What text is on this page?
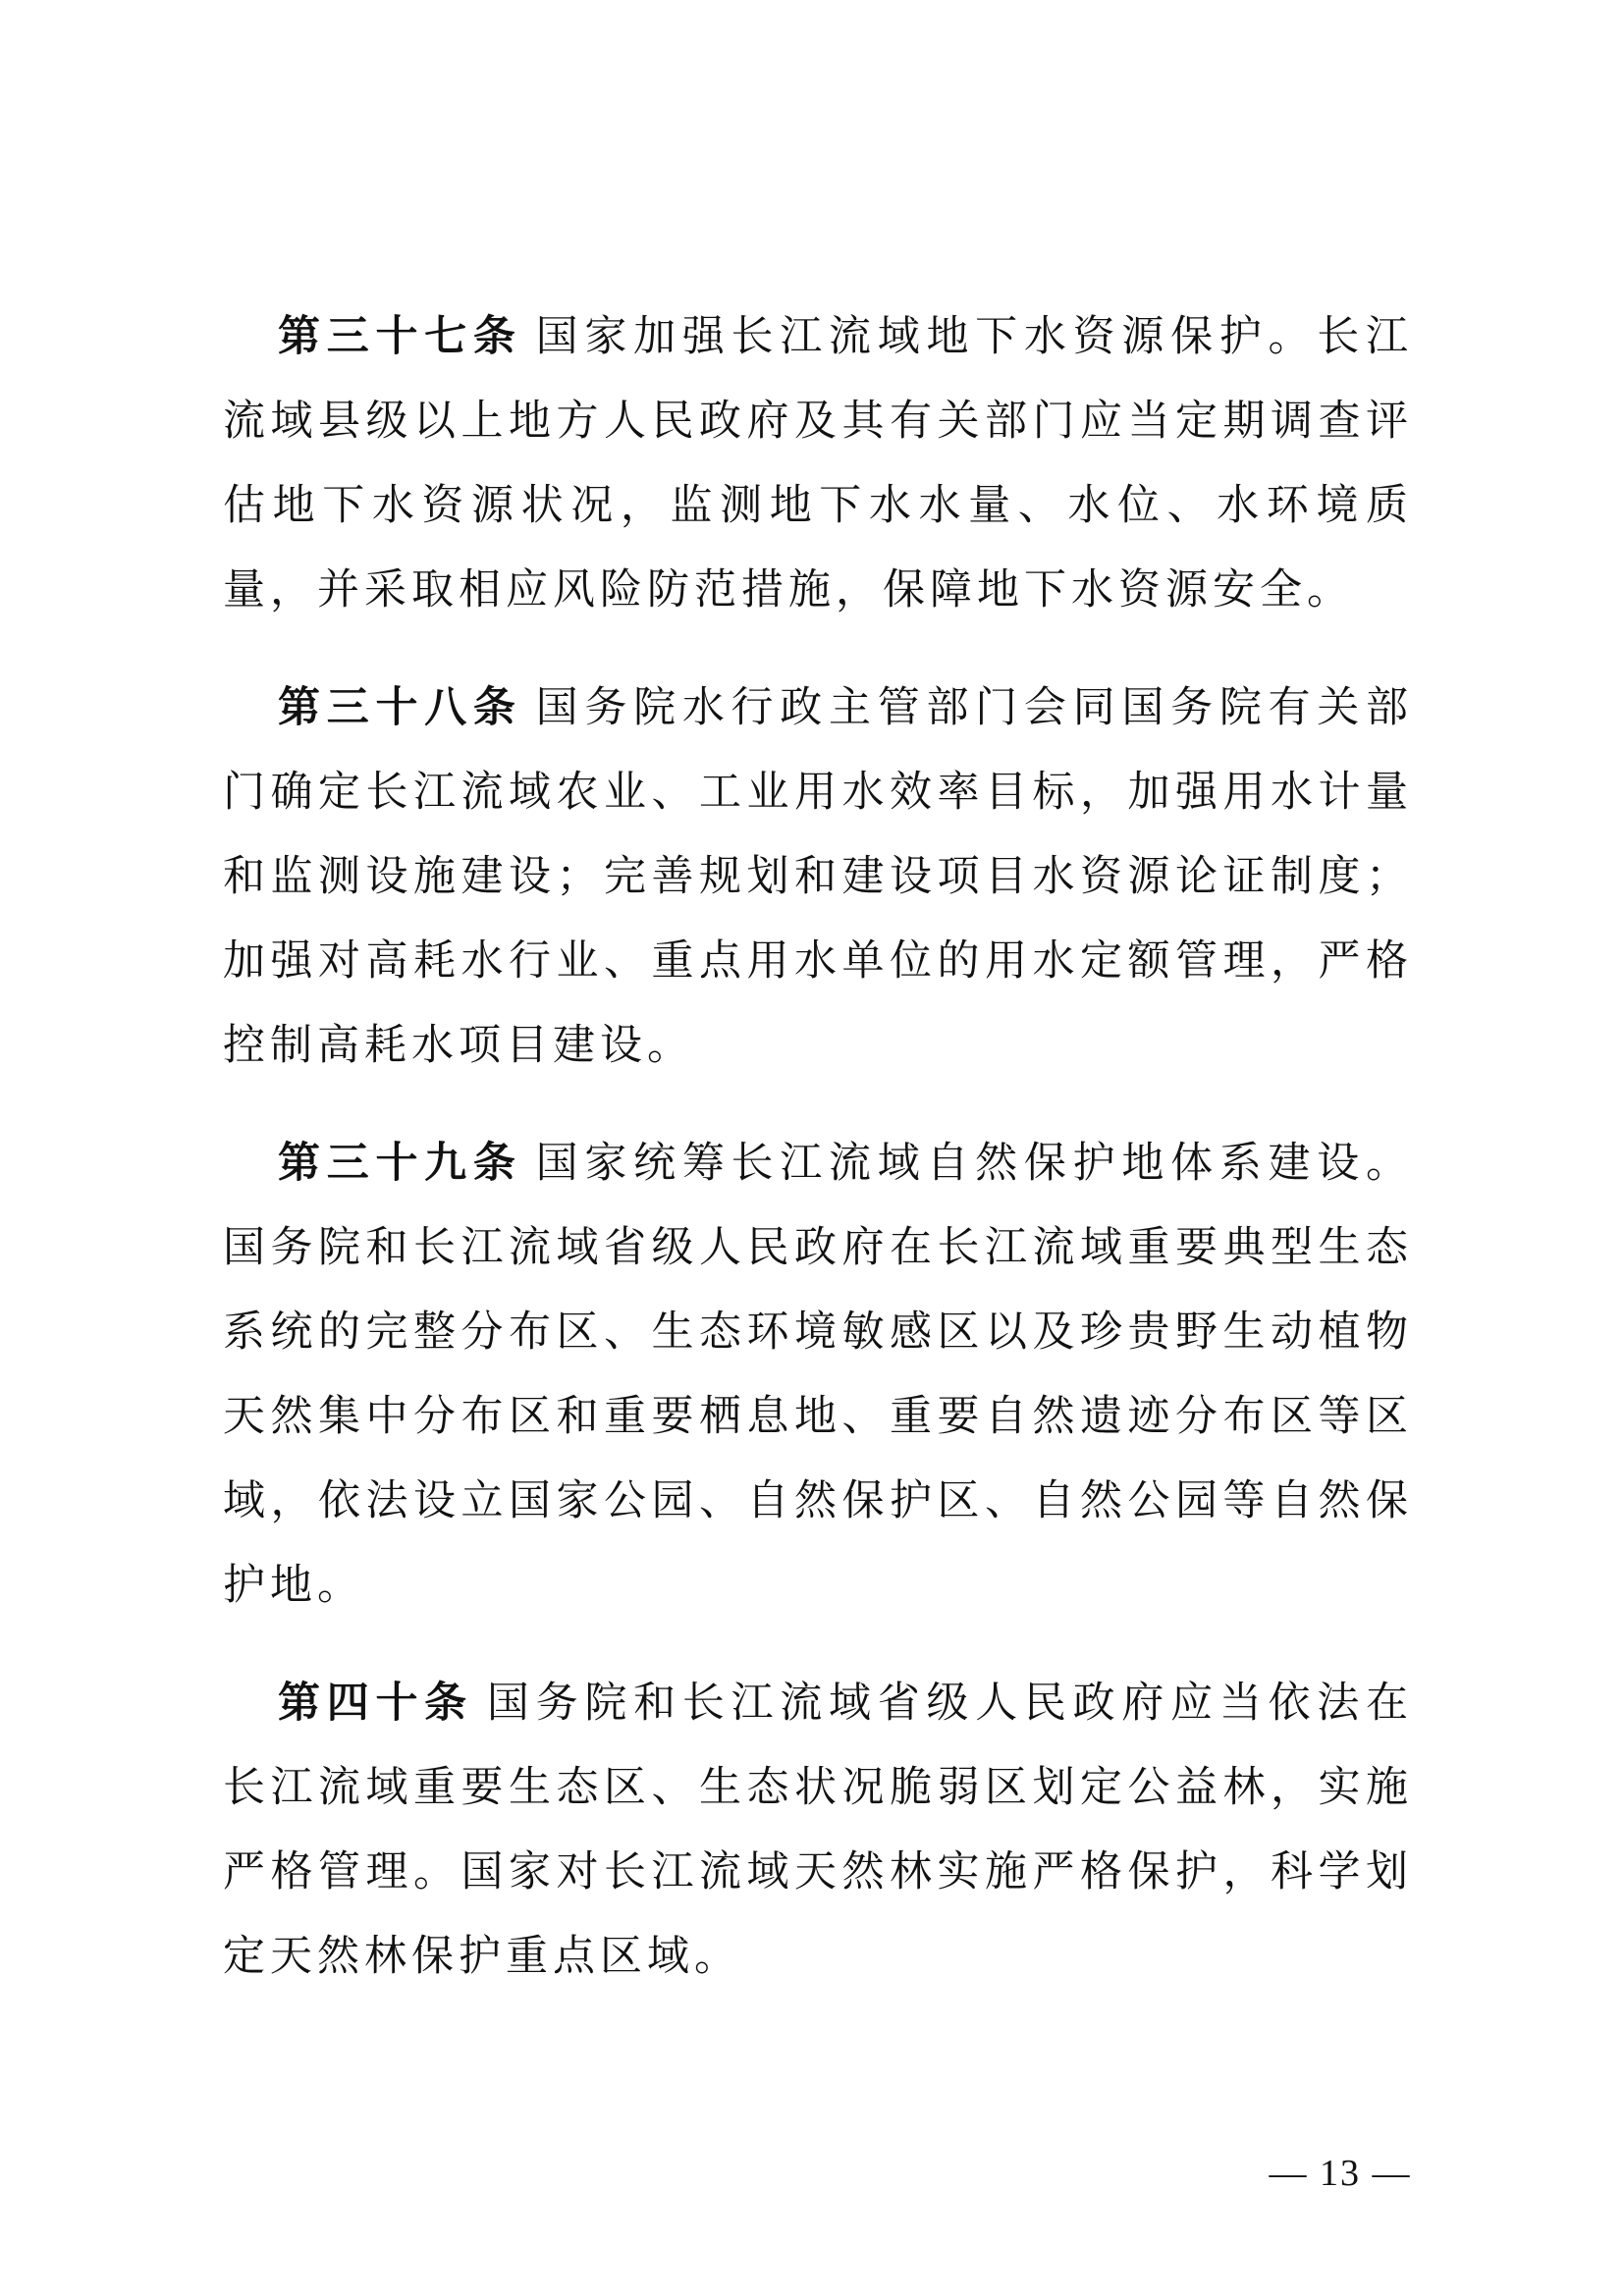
第三十七条 国家加强长江流域地下水资源保护。长江流域县级以上地方人民政府及其有关部门应当定期调查评估地下水资源状况，监测地下水水量、水位、水环境质量，并采取相应风险防范措施，保障地下水资源安全。

第三十八条 国务院水行政主管部门会同国务院有关部门确定长江流域农业、工业用水效率目标，加强用水计量和监测设施建设；完善规划和建设项目水资源论证制度；加强对高耗水行业、重点用水单位的用水定额管理，严格控制高耗水项目建设。

第三十九条 国家统筹长江流域自然保护地体系建设。国务院和长江流域省级人民政府在长江流域重要典型生态系统的完整分布区、生态环境敏感区以及珍贵野生动植物天然集中分布区和重要栖息地、重要自然遗迹分布区等区域，依法设立国家公园、自然保护区、自然公园等自然保护地。

第四十条 国务院和长江流域省级人民政府应当依法在长江流域重要生态区、生态状况脆弱区划定公益林，实施严格管理。国家对长江流域天然林实施严格保护，科学划定天然林保护重点区域。

— 13 —
